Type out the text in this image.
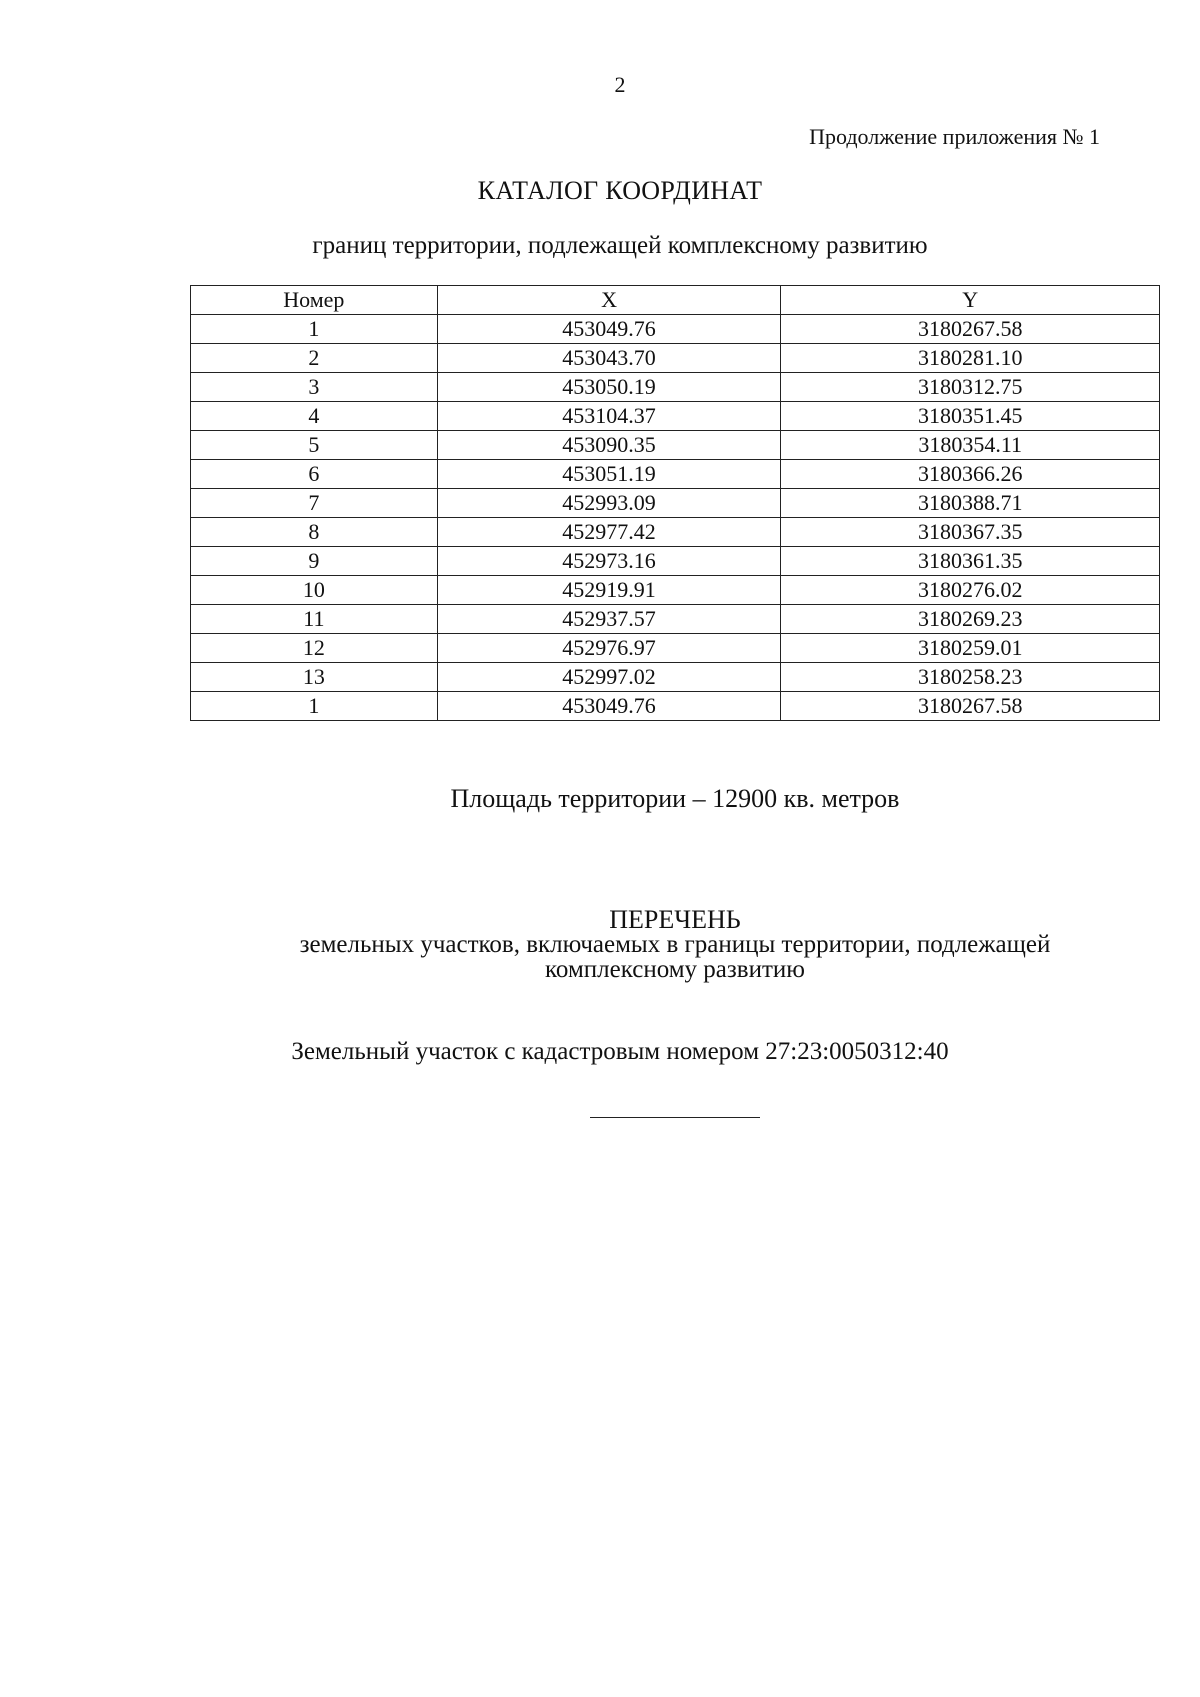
2
Продолжение приложения № 1
КАТАЛОГ КООРДИНАТ
границ территории, подлежащей комплексному развитию
Номер	X	Y
1	453049.76	3180267.58
2	453043.70	3180281.10
3	453050.19	3180312.75
4	453104.37	3180351.45
5	453090.35	3180354.11
6	453051.19	3180366.26
7	452993.09	3180388.71
8	452977.42	3180367.35
9	452973.16	3180361.35
10	452919.91	3180276.02
11	452937.57	3180269.23
12	452976.97	3180259.01
13	452997.02	3180258.23
1	453049.76	3180267.58
Площадь территории – 12900 кв. метров
ПЕРЕЧЕНЬ
земельных участков, включаемых в границы территории, подлежащей
комплексному развитию
Земельный участок с кадастровым номером 27:23:0050312:40
